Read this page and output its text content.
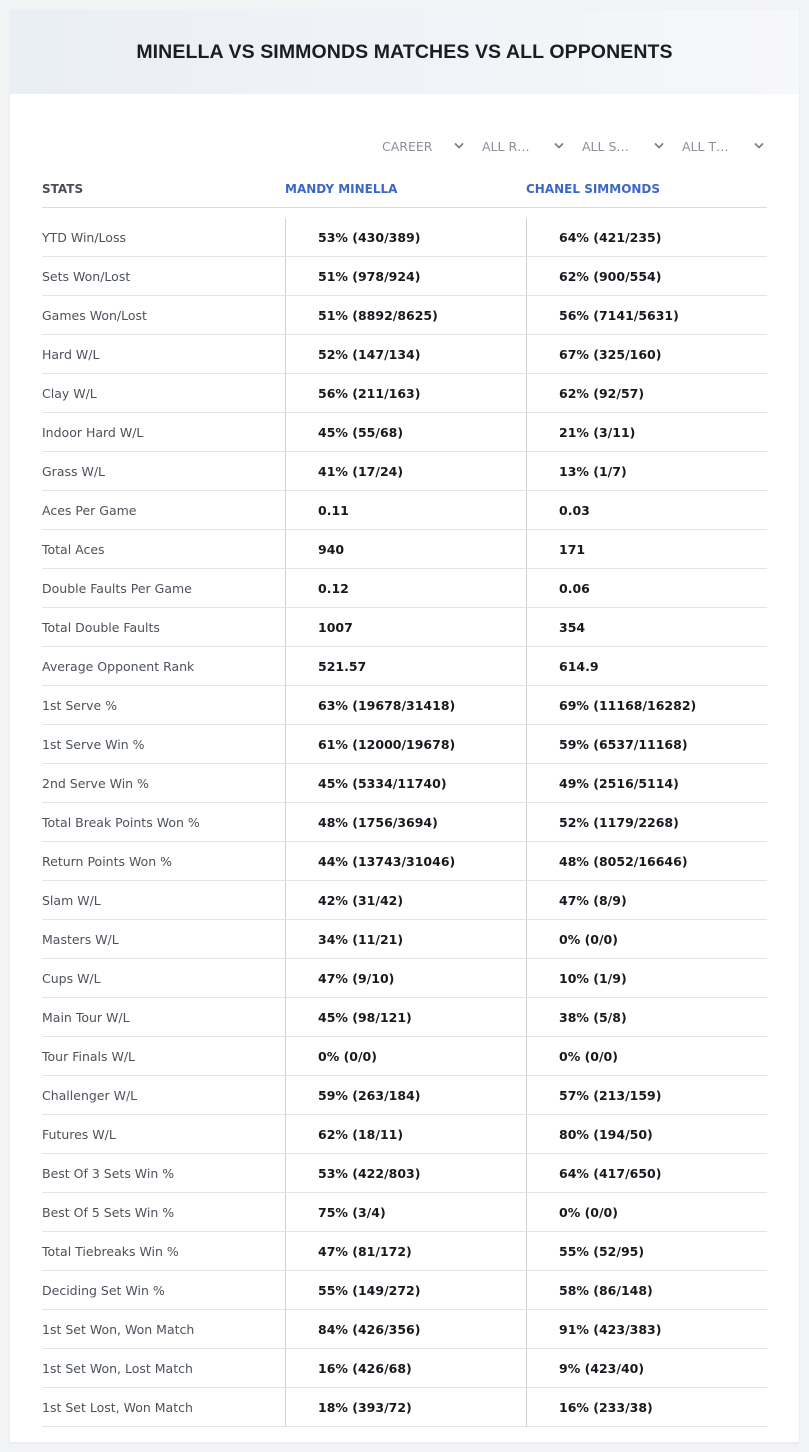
MINELLA VS SIMMONDS MATCHES VS ALL OPPONENTS
CAREER	ALL R…	ALL S…	ALL T…
STATS	MANDY MINELLA	CHANEL SIMMONDS
YTD Win/Loss	53% (430/389)	64% (421/235)
Sets Won/Lost	51% (978/924)	62% (900/554)
Games Won/Lost	51% (8892/8625)	56% (7141/5631)
Hard W/L	52% (147/134)	67% (325/160)
Clay W/L	56% (211/163)	62% (92/57)
Indoor Hard W/L	45% (55/68)	21% (3/11)
Grass W/L	41% (17/24)	13% (1/7)
Aces Per Game	0.11	0.03
Total Aces	940	171
Double Faults Per Game	0.12	0.06
Total Double Faults	1007	354
Average Opponent Rank	521.57	614.9
1st Serve %	63% (19678/31418)	69% (11168/16282)
1st Serve Win %	61% (12000/19678)	59% (6537/11168)
2nd Serve Win %	45% (5334/11740)	49% (2516/5114)
Total Break Points Won %	48% (1756/3694)	52% (1179/2268)
Return Points Won %	44% (13743/31046)	48% (8052/16646)
Slam W/L	42% (31/42)	47% (8/9)
Masters W/L	34% (11/21)	0% (0/0)
Cups W/L	47% (9/10)	10% (1/9)
Main Tour W/L	45% (98/121)	38% (5/8)
Tour Finals W/L	0% (0/0)	0% (0/0)
Challenger W/L	59% (263/184)	57% (213/159)
Futures W/L	62% (18/11)	80% (194/50)
Best Of 3 Sets Win %	53% (422/803)	64% (417/650)
Best Of 5 Sets Win %	75% (3/4)	0% (0/0)
Total Tiebreaks Win %	47% (81/172)	55% (52/95)
Deciding Set Win %	55% (149/272)	58% (86/148)
1st Set Won, Won Match	84% (426/356)	91% (423/383)
1st Set Won, Lost Match	16% (426/68)	9% (423/40)
1st Set Lost, Won Match	18% (393/72)	16% (233/38)
